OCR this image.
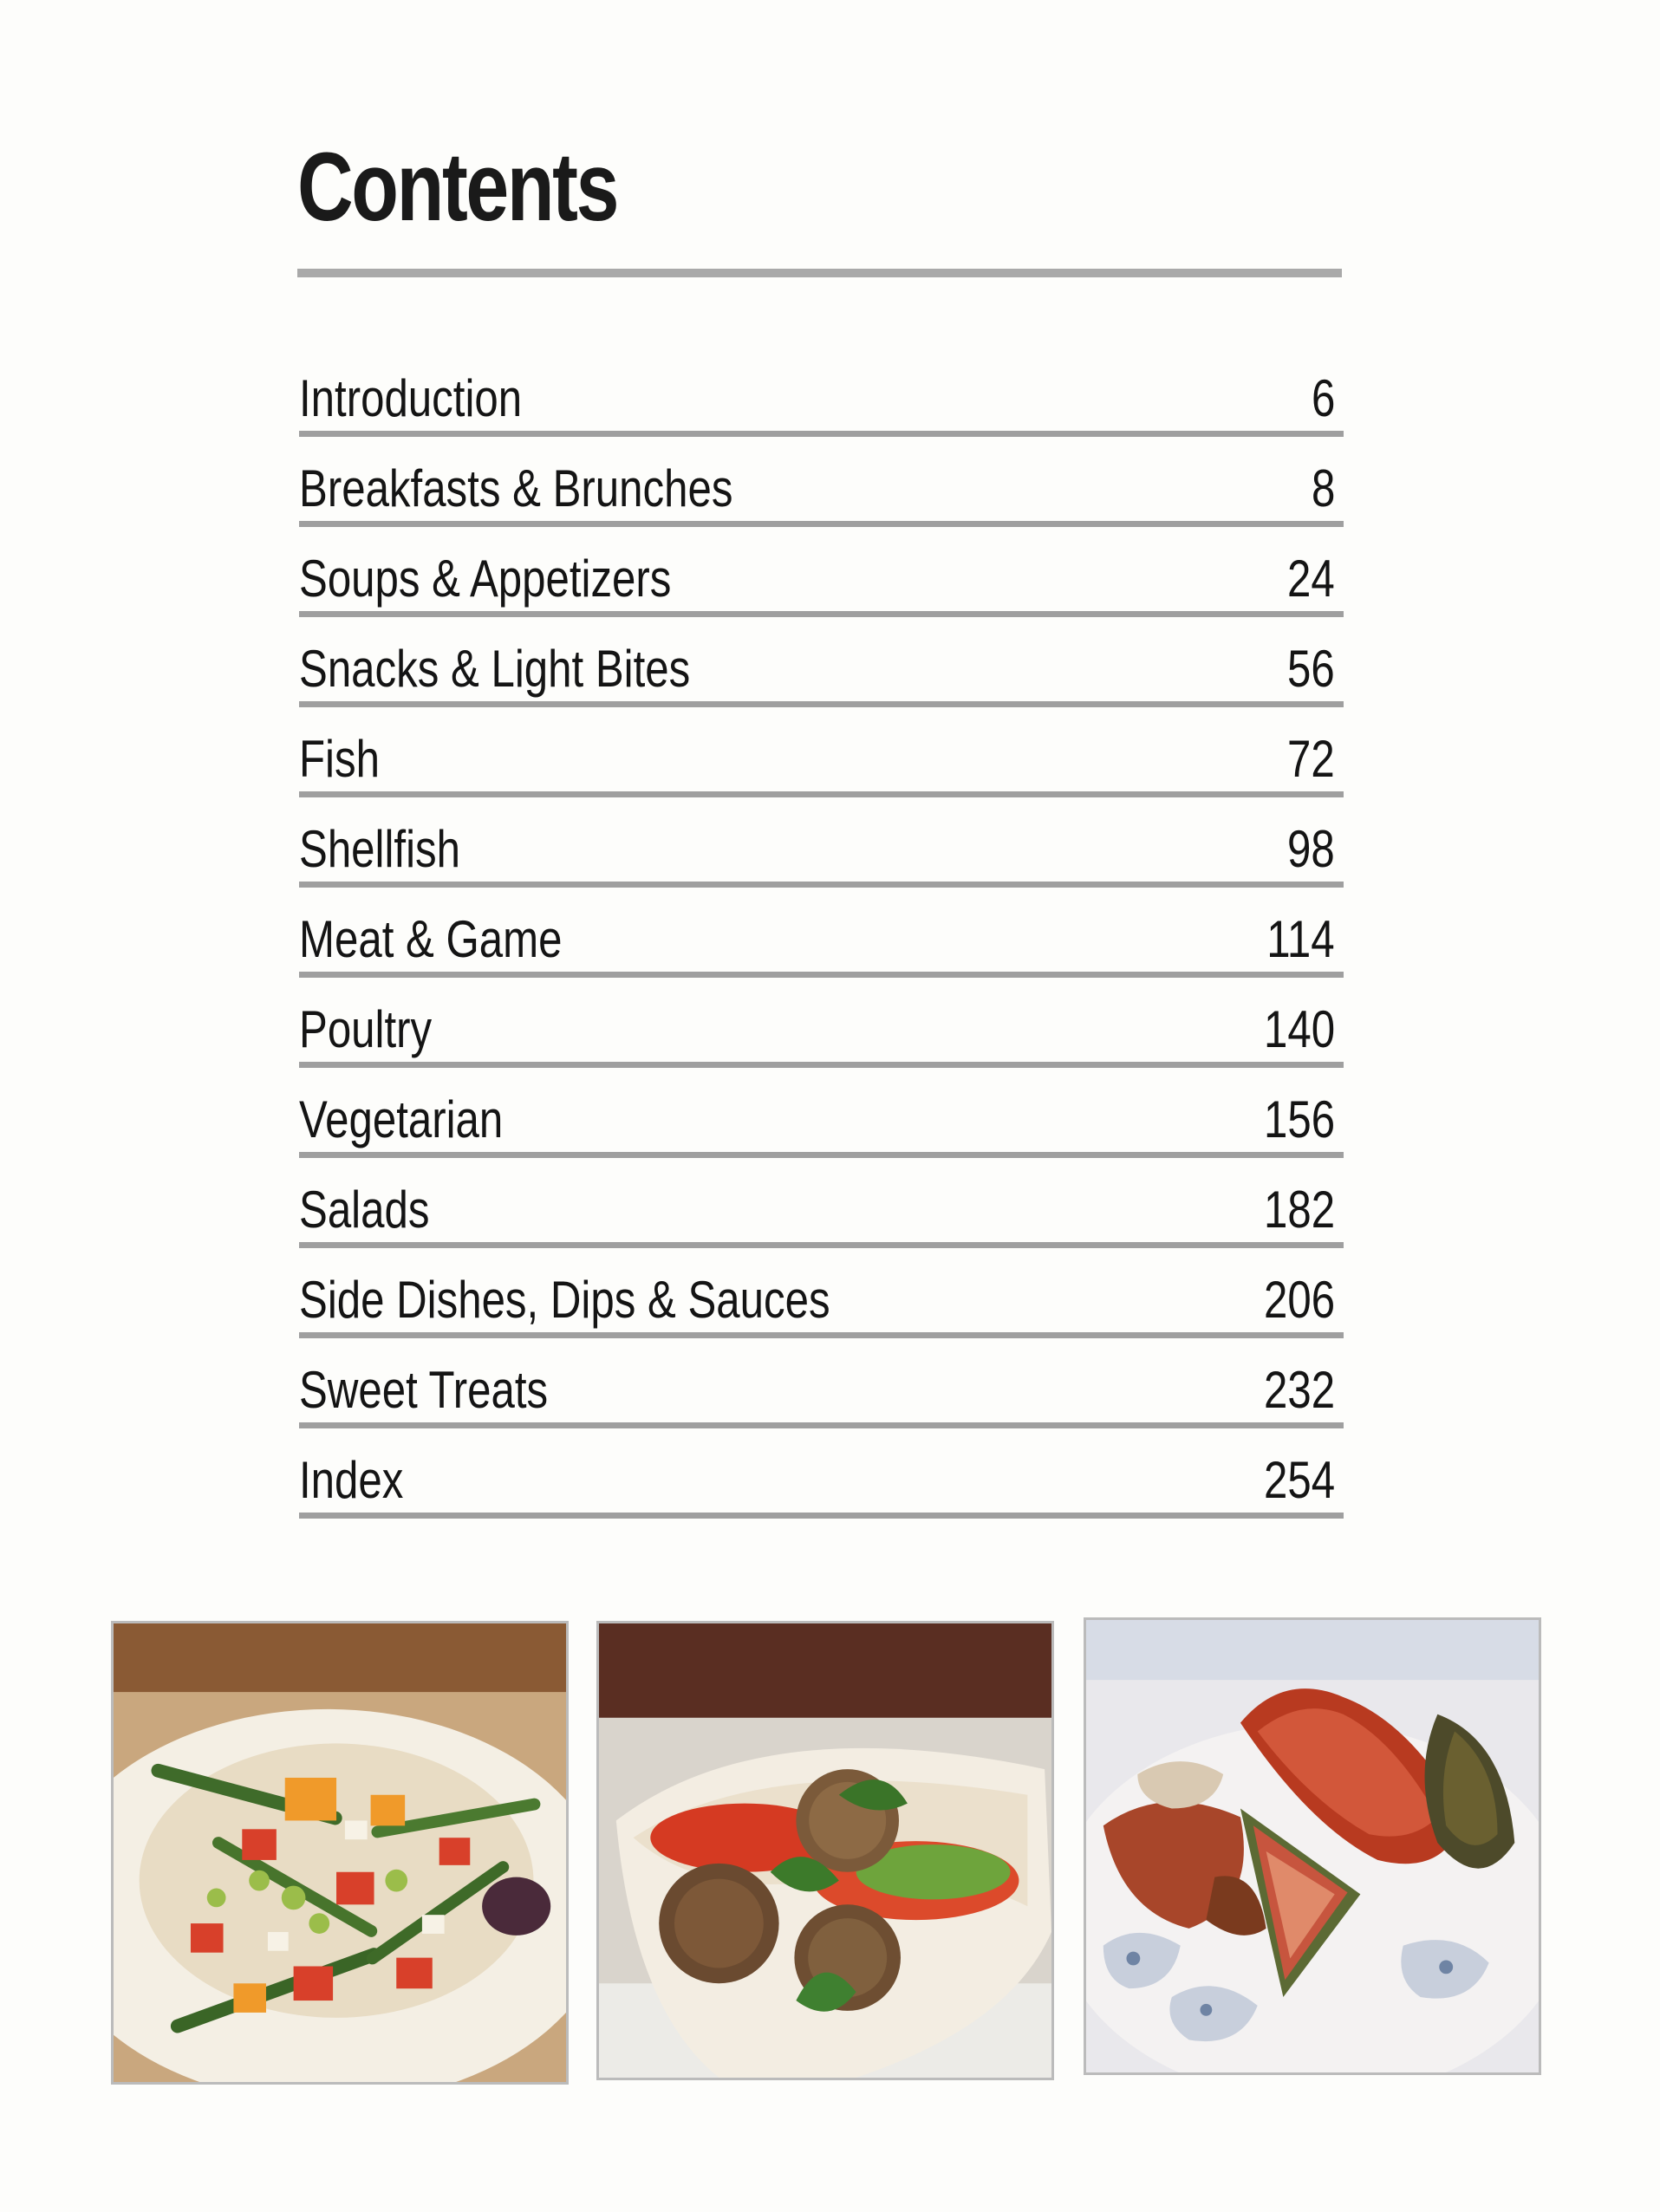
Contents
Introduction	6
Breakfasts & Brunches	8
Soups & Appetizers	24
Snacks & Light Bites	56
Fish	72
Shellfish	98
Meat & Game	114
Poultry	140
Vegetarian	156
Salads	182
Side Dishes, Dips & Sauces	206
Sweet Treats	232
Index	254
